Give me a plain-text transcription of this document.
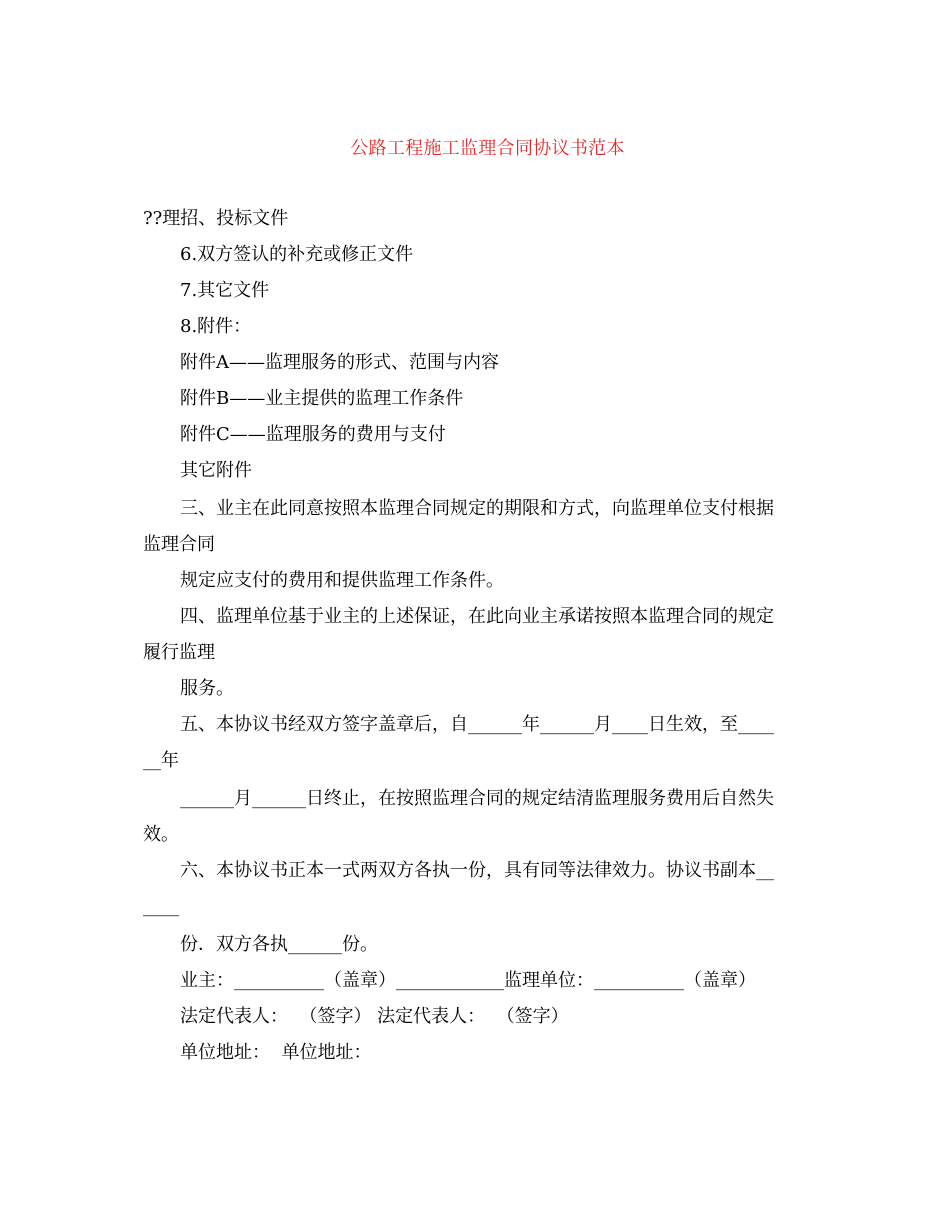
公路工程施工监理合同协议书范本
??理招、投标文件
6.双方签认的补充或修正文件
7.其它文件
8.附件：
附件A——监理服务的形式、范围与内容
附件B——业主提供的监理工作条件
附件C——监理服务的费用与支付
其它附件
三、业主在此同意按照本监理合同规定的期限和方式，向监理单位支付根据
监理合同
规定应支付的费用和提供监理工作条件。
四、监理单位基于业主的上述保证，在此向业主承诺按照本监理合同的规定
履行监理
服务。
五、本协议书经双方签字盖章后，自______年______月____日生效，至____
__年
______月______日终止，在按照监理合同的规定结清监理服务费用后自然失
效。
六、本协议书正本一式两双方各执一份，具有同等法律效力。协议书副本__
____
份．双方各执______份。
业主：__________（盖章）____________监理单位：__________（盖章）
法定代表人：  （签字） 法定代表人：  （签字）
单位地址：  单位地址：
